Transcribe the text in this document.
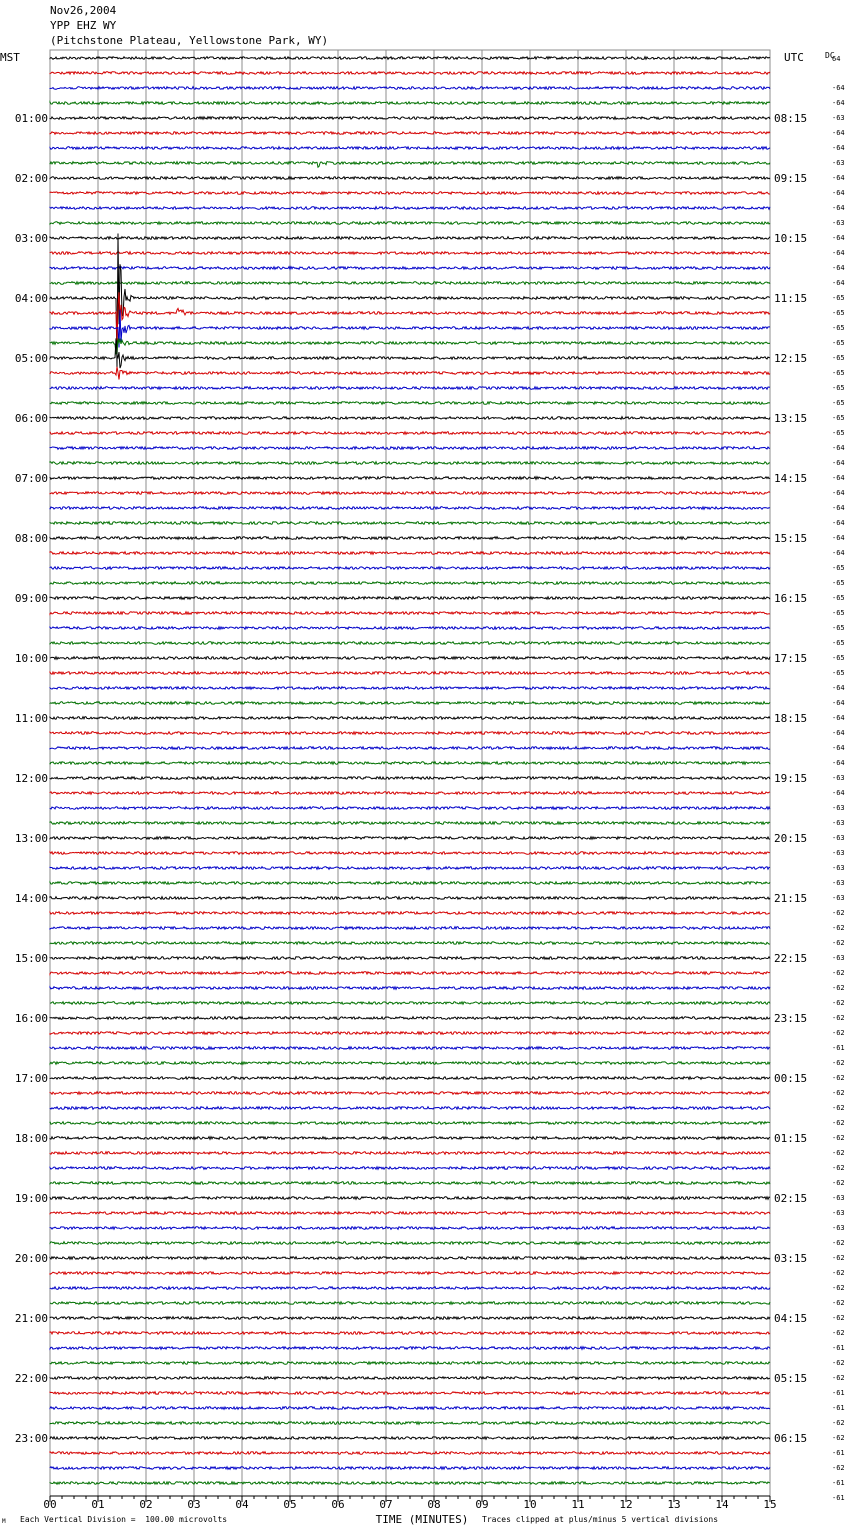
Nov26,2004
YPP EHZ WY
(Pitchstone Plateau, Yellowstone Park, WY)
00	01	02	03	04	05	06	07	08	09	10	11	12	13	14	15
64
-64
-64
-63
-64
-64
-63
-64
-64
-64
-63
-64
-64
-64
-64
-65
-65
-65
-65
-65
-65
-65
-65
-65
-65
-64
-64
-64
-64
-64
-64
-64
-64
-65
-65
-65
-65
-65
-65
-65
-65
-64
-64
-64
-64
-64
-64
-63
-64
-63
-63
-63
-63
-63
-63
-63
-62
-62
-62
-63
-62
-62
-62
-62
-62
-61
-62
-62
-62
-62
-62
-62
-62
-62
-62
-63
-63
-63
-62
-62
-62
-62
-62
-62
-62
-61
-62
-62
-61
-61
-62
-62
-61
-62
-61
-61
MST	UTC	DC
01:00
02:00
03:00
04:00
05:00
06:00
07:00
08:00
09:00
10:00
11:00
12:00
13:00
14:00
15:00
16:00
17:00
18:00
19:00
20:00
21:00
22:00
23:00
08:15
09:15
10:15
11:15
12:15
13:15
14:15
15:15
16:15
17:15
18:15
19:15
20:15
21:15
22:15
23:15
00:15
01:15
02:15
03:15
04:15
05:15
06:15
TIME (MINUTES)
M Each Vertical Division =  100.00 microvolts	Traces clipped at plus/minus 5 vertical divisions
